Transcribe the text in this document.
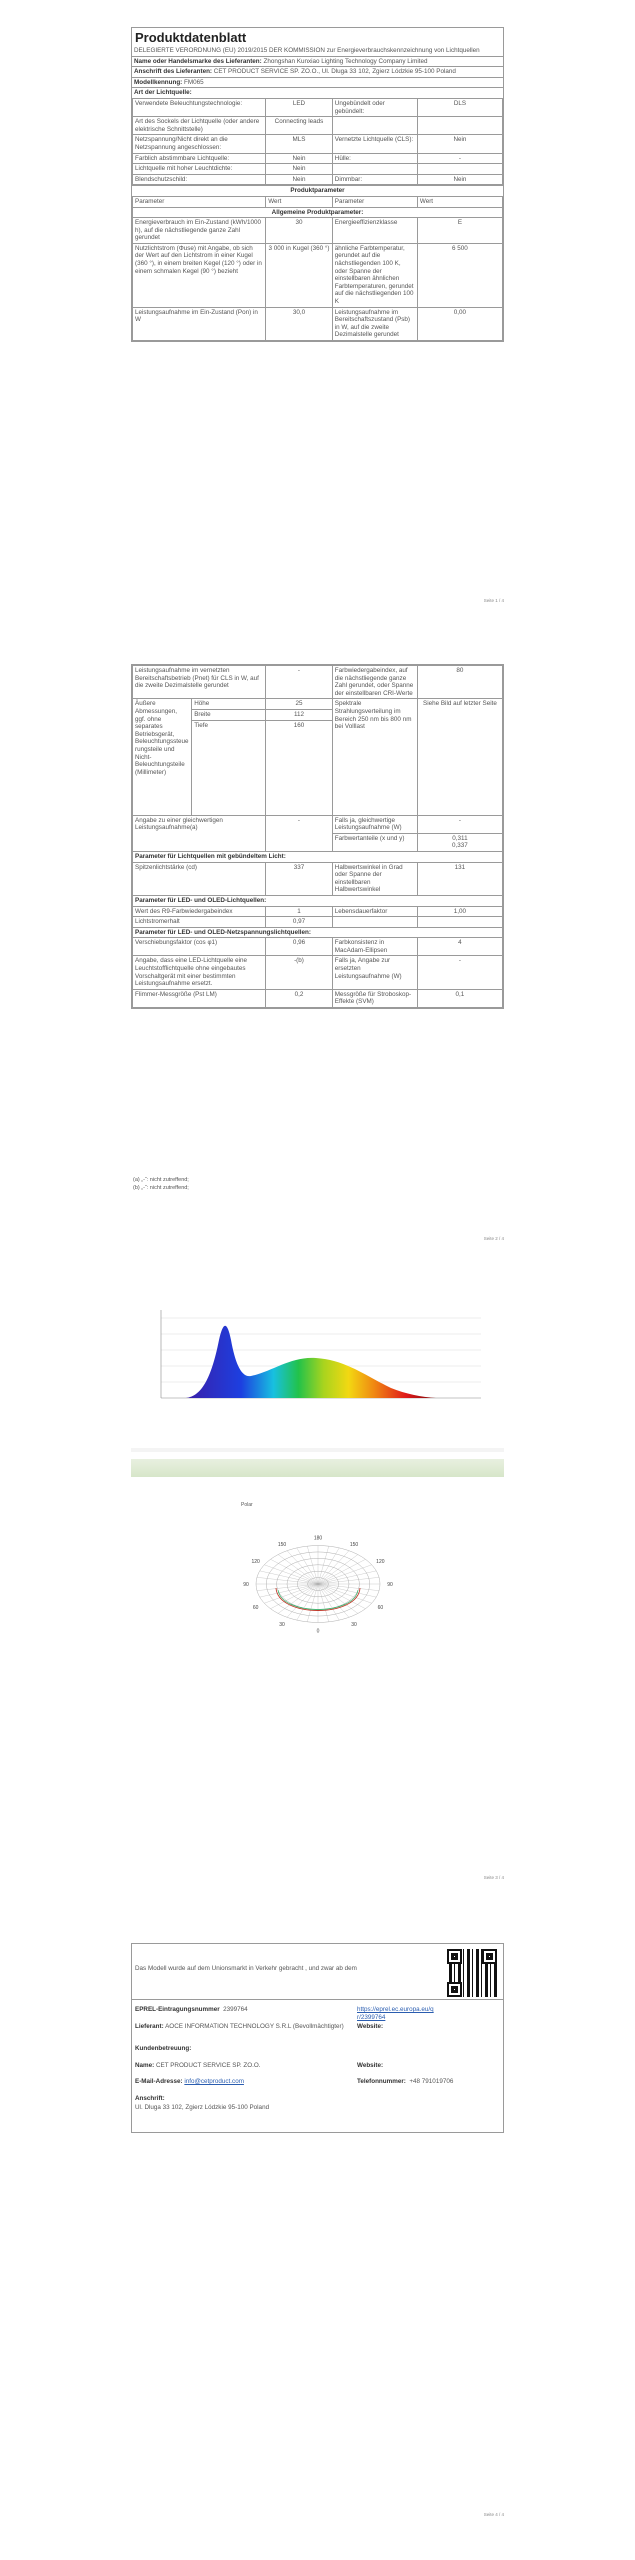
Produktdatenblatt
DELEGIERTE VERORDNUNG (EU) 2019/2015 DER KOMMISSION zur Energieverbrauchskennzeichnung von Lichtquellen
Name oder Handelsmarke des Lieferanten: Zhongshan Kunxiao Lighting Technology Company Limited
Anschrift des Lieferanten: CET PRODUCT SERVICE SP. ZO.O., Ul. Dluga 33 102, Zgierz Lódzkie 95-100 Poland
Modellkennung: FM065
Art der Lichtquelle:
Verwendete Beleuchtungstechnologie:	LED	Ungebündelt oder gebündelt:	DLS
Art des Sockels der Lichtquelle (oder andere elektrische Schnittstelle)	Connecting leads		
Netzspannung/Nicht direkt an die Netzspannung angeschlossen:	MLS	Vernetzte Lichtquelle (CLS):	Nein
Farblich abstimmbare Lichtquelle:	Nein	Hülle:	-
Lichtquelle mit hoher Leuchtdichte:	Nein		
Blendschutzschild:	Nein	Dimmbar:	Nein
Produktparameter
Parameter	Wert	Parameter	Wert
Allgemeine Produktparameter:			
Energieverbrauch im Ein-Zustand (kWh/1000 h), auf die nächstliegende ganze Zahl gerundet	30	Energieeffizienzklasse	E
Nutzlichtstrom (Φuse) mit Angabe, ob sich der Wert auf den Lichtstrom in einer Kugel (360 °), in einem breiten Kegel (120 °) oder in einem schmalen Kegel (90 °) bezieht	3 000 in Kugel (360 °)	ähnliche Farbtemperatur, gerundet auf die nächstliegenden 100 K, oder Spanne der einstellbaren ähnlichen Farbtemperaturen, gerundet auf die nächstliegenden 100 K	6 500
Leistungsaufnahme im Ein-Zustand (Pon) in W	30,0	Leistungsaufnahme im Bereitschaftszustand (Psb) in W, auf die zweite Dezimalstelle gerundet	0,00
Seite 1 / 4
Leistungsaufnahme im vernetzten Bereitschaftsbetrieb (Pnet) für CLS in W, auf die zweite Dezimalstelle gerundet		-	Farbwiedergabeindex, auf die nächstliegende ganze Zahl gerundet, oder Spanne der einstellbaren CRI-Werte	80
Äußere Abmessungen, ggf. ohne separates Betriebsgerät, Beleuchtungssteuerungsteile und Nicht-Beleuchtungsteile (Millimeter)	Höhe	25	Spektrale Strahlungsverteilung im Bereich 250 nm bis 800 nm bei Volllast	Siehe Bild auf letzter Seite
	Breite	112		
	Tiefe	160		
Angabe zu einer gleichwertigen Leistungsaufnahme(a)		-	Falls ja, gleichwertige Leistungsaufnahme (W)	-
			Farbwertanteile (x und y)	0,311
0,337

Parameter für Lichtquellen mit gebündeltem Licht:				
Spitzenlichtstärke (cd)		337	Halbwertswinkel in Grad oder Spanne der einstellbaren Halbwertswinkel	131
Parameter für LED- und OLED-Lichtquellen:				
Wert des R9-Farbwiedergabeindex		1	Lebensdauerfaktor	1,00
Lichtstromerhalt		0,97		
Parameter für LED- und OLED-Netzspannungslichtquellen:				
Verschiebungsfaktor (cos φ1)		0,96	Farbkonsistenz in MacAdam-Ellipsen	4
Angabe, dass eine LED-Lichtquelle eine Leuchtstofflichtquelle ohne eingebautes Vorschaltgerät mit einer bestimmten Leistungsaufnahme ersetzt.		-(b)	Falls ja, Angabe zur ersetzten Leistungsaufnahme (W)	-
Flimmer-Messgröße (Pst LM)		0,2	Messgröße für Stroboskop-Effekte (SVM)	0,1
(a) „-“: nicht zutreffend;
(b) „-“: nicht zutreffend;
Seite 2 / 4
Polar
180
150
120
90
60
30
0
30
60
90
120
150
Seite 3 / 4
Das Modell wurde auf dem Unionsmarkt in Verkehr gebracht , und zwar ab dem
EPREL-Eintragungsnummer 2399764	https://eprel.ec.europa.eu/qr/2399764
Lieferant: AOCE INFORMATION TECHNOLOGY S.R.L (Bevollmächtigter)	Website:
Kundenbetreuung:
Name: CET PRODUCT SERVICE SP. ZO.O.	Website:
E-Mail-Adresse: info@cetproduct.com	Telefonnummer: +48 791019706
Anschrift:
Ul. Dluga 33 102, Zgierz Lódzkie 95-100 Poland
Seite 4 / 4
